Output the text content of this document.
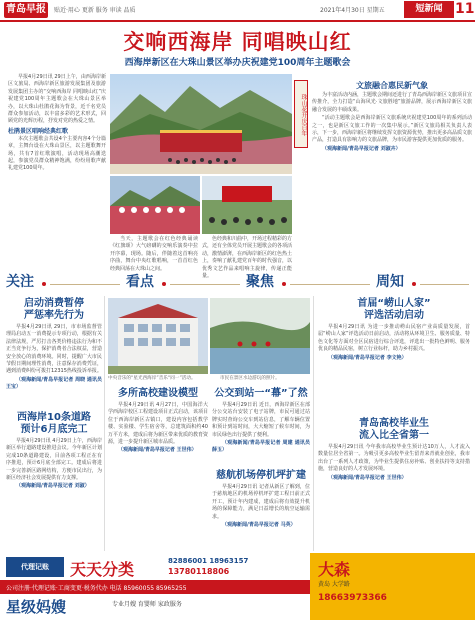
青岛早报	贴近·用心 更新 服务 审读 品质	2021年4月30日 星期五	短新闻 11
交响西海岸 同唱映山红
西海岸新区在大珠山景区举办庆祝建党100周年主题歌会

早报4月29日讯 29日上午，由西海岸新区文旅局、西海岸新区旅游发展集团及旅游发展集团主办的“交响西海岸 同唱映山红”庆祝建党100周年主题歌会在大珠山景区举办，以大珠山杜鹃花海为背景，近千名党员群众参加活动，以丰富多彩的艺术形式，回顾党的光辉历程，抒发对党的热爱之情。

杜鹃景区唱响经典红歌

本次主题歌会共设4个主要内容4个分篇章，主舞台设在大珠山景区，以主题歌舞开场，共有7首红歌演唱，活动现场高潮迭起，参演党员群众精神饱满，纷纷用歌声献礼建党100周年。

当天，主题歌会在红色经典诵读《红旗颂》大气磅礴的交响乐演奏中拉开序幕，现场。随后，伴随着这首响亮序曲，舞台中央红歌唱响，一首首红色经典回荡在大珠山之间。

色经典和川曲中，开场过程精彩的方式，还有全体党员开展主题歌会的各项活动，激情澎湃，在西海岸新区的红色热土上，奏响了献礼建党百年的时代强音，以优秀文艺作品来唱响主旋律，传递正能量。

珠山花开庆百年
文旅融合惠民新气象

为丰富活动内涵，主题歌会期间还进行了青岛西海岸新区文旅项目宣传推介，全力打造“山海风光·文旅胜地”旅游品牌，展示西海岸新区文旅融合发展的丰硕成果。

“活动主题歌会是西海岸新区文旅系统庆祝建党100周年的系列活动之一，也是新区文旅工作的一次集中展示。”新区文旅局相关负责人表示，下一步，西海岸新区将继续发挥文旅资源优势，推出更多高品质文旅产品，打造具有影响力的文旅品牌，为市民游客提供更加优质的服务。

（观海新闻/青岛早报记者 刘淑卉）

关注	看点	聚焦	周知
启动消费暂停
严惩率先行为

早报4月29日讯 29日，市市场监督管理局启动五一消费提示专项行动，根据有关法律法规，严厉打击各类价格违法行为和不正当竞争行为，保护消费者合法权益，营造安全放心的消费环境。同时，提醒广大市民节假日期间理性消费，注意保存消费凭证，遇到消费纠纷可拨打12315热线投诉举报。

（观海新闻/青岛早报记者 周晓 通讯员 王宝）

西海岸10条道路
预计6月底完工

早报4月29日讯 4月29日上午，西海岸新区举行道路建设推进会议。今年新区计划完成10条道路建设，目前各项工程正在有序推进，预计6月底全部完工。建成后将进一步完善新区路网结构，方便市民出行，为新区经济社会发展提供有力支撑。

（观海新闻/青岛早报记者 刘淑）

中央音乐的“星光西海岸”音乐“同一”活动。	市民在景区水边游玩的照片。
多所高校建设模型

早报4月29日讯 4月27日，中国海洋大学西海岸校区工程建设项目正式启动，该项目位于西海岸新区古镇口，建设内容包括教学楼、实验楼、学生宿舍等，总建筑面积约40万平方米，建成后将为新区带来优质的教育资源，进一步提升新区城市品质。

（观海新闻/青岛早报记者 王世伟）

公交到站一“幕”了然

早报4月29日讯 近日，西海岸新区在部分公交站台安装了电子站牌，市民可通过站牌实时查询公交车到站信息，了解车辆位置和预计到站时间，大大缩短了候车时间，为市民绿色出行提供了便利。

（观海新闻/青岛早报记者 周建 通讯员 薛玉）

慈航机场停机坪扩建

早报4月29日讯 记者从新区了解到，位于慈航地区的机场停机坪扩建工程日前正式开工，预计年内建成，建成后将有效提升机场的保障能力，满足日益增长的航空运输需求。

（观海新闻/青岛早报记者 马英）

首届“崂山人家”
评选活动启动

早报4月29日讯 为进一步推动崂山民宿产业高质量发展，首届“崂山人家”评选活动日前启动，活动将从环境卫生、服务质量、特色文化等方面对全区民宿进行综合评选，评选出一批特色鲜明、服务优良的精品民宿，树立行业标杆，助力乡村振兴。

（观海新闻/青岛早报记者 李文艳）

青岛高校毕业生
流入比全省第一

早报4月29日讯 今年我市高校毕业生预计达10万人，人才流入数量位居全省第一。为吸引更多高校毕业生留青来青就业创业，我市出台了一系列人才政策，为毕业生提供住房补贴、创业扶持等支持措施，营造良好的人才发展环境。

（观海新闻/青岛早报记者 王世伟）

代理记账	天天分类	82886001 18963157
13780118806
公司注册·代理记账·工商变更·税务代办 电话 85960055 85965255
星级妈嫂	专业月嫂 育婴师 家政服务
大森
黄岛 大学路
18663973366
